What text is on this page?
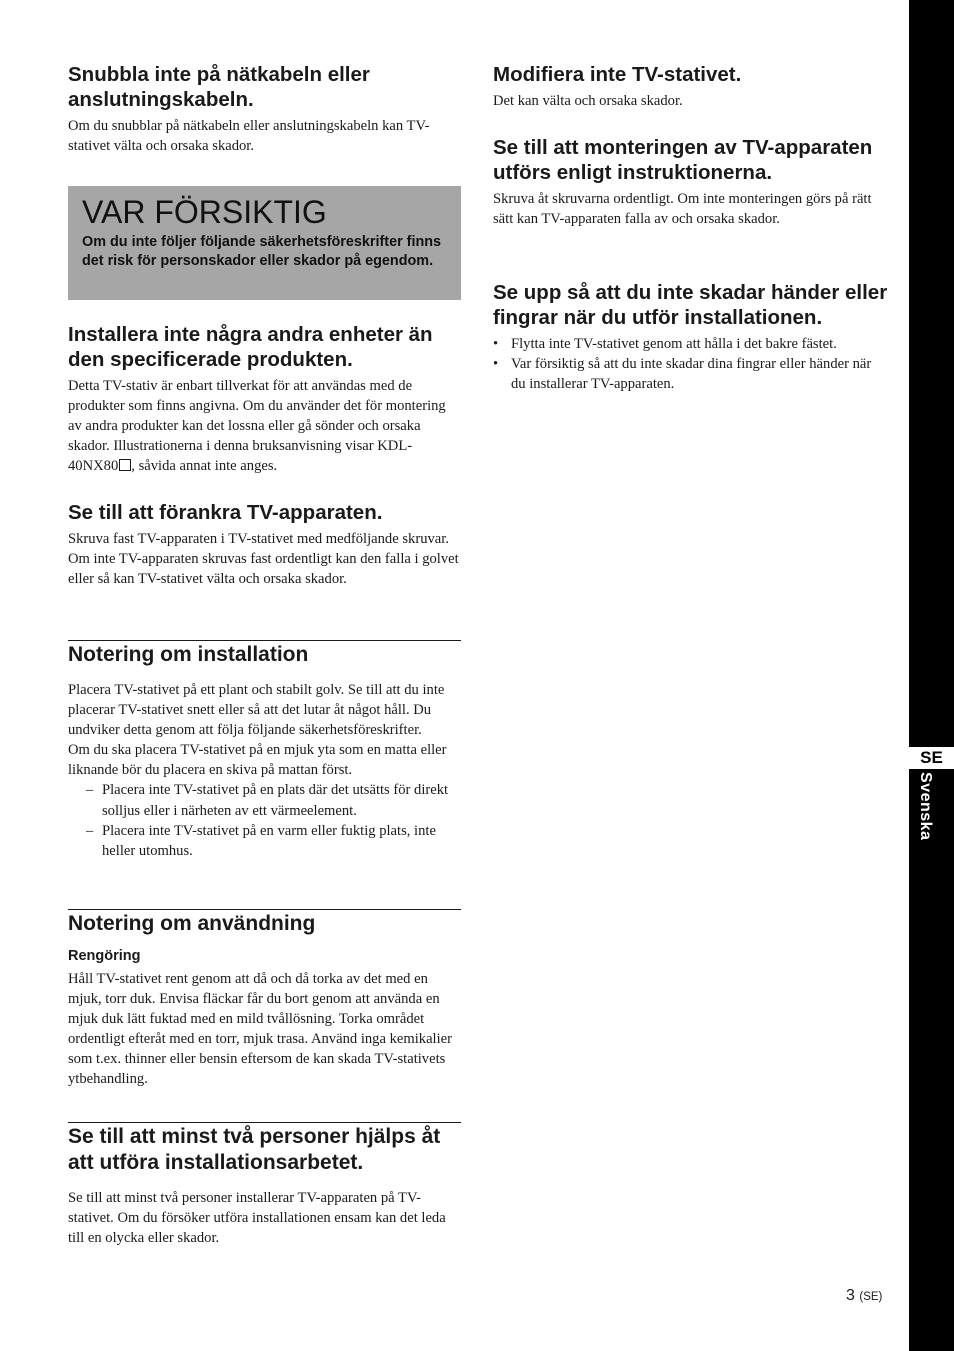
Snubbla inte på nätkabeln eller anslutningskabeln.

Om du snubblar på nätkabeln eller anslutningskabeln kan TV-stativet välta och orsaka skador.

Installera inte några andra enheter än den specificerade produkten.

Detta TV-stativ är enbart tillverkat för att användas med de produkter som finns angivna. Om du använder det för montering av andra produkter kan det lossna eller gå sönder och orsaka skador. Illustrationerna i denna bruksanvisning visar KDL-40NX80 , såvida annat inte anges.

Se till att förankra TV-apparaten.

Skruva fast TV-apparaten i TV-stativet med medföljande skruvar. Om inte TV-apparaten skruvas fast ordentligt kan den falla i golvet eller så kan TV-stativet välta och orsaka skador.

Notering om installation

Placera TV-stativet på ett plant och stabilt golv. Se till att du inte placerar TV-stativet snett eller så att det lutar åt något håll. Du undviker detta genom att följa följande säkerhetsföreskrifter.

Om du ska placera TV-stativet på en mjuk yta som en matta eller liknande bör du placera en skiva på mattan först.

– Placera inte TV-stativet på en plats där det utsätts för direkt solljus eller i närheten av ett värmeelement.
– Placera inte TV-stativet på en varm eller fuktig plats, inte heller utomhus.
Notering om användning
Rengöring

Håll TV-stativet rent genom att då och då torka av det med en mjuk, torr duk. Envisa fläckar får du bort genom att använda en mjuk duk lätt fuktad med en mild tvållösning. Torka området ordentligt efteråt med en torr, mjuk trasa. Använd inga kemikalier som t.ex. thinner eller bensin eftersom de kan skada TV-stativets ytbehandling.

Se till att minst två personer hjälps åt att utföra installationsarbetet.

Se till att minst två personer installerar TV-apparaten på TV-stativet. Om du försöker utföra installationen ensam kan det leda till en olycka eller skador.

VAR FÖRSIKTIG
Om du inte följer följande säkerhetsföreskrifter finns det risk för personskador eller skador på egendom.
Modifiera inte TV-stativet.

Det kan välta och orsaka skador.

Se till att monteringen av TV-apparaten utförs enligt instruktionerna.

Skruva åt skruvarna ordentligt. Om inte monteringen görs på rätt sätt kan TV-apparaten falla av och orsaka skador.

Se upp så att du inte skadar händer eller fingrar när du utför installationen.
• Flytta inte TV-stativet genom att hålla i det bakre fästet.
• Var försiktig så att du inte skadar dina fingrar eller händer när du installerar TV-apparaten.
SE
Svenska
3 (SE)
